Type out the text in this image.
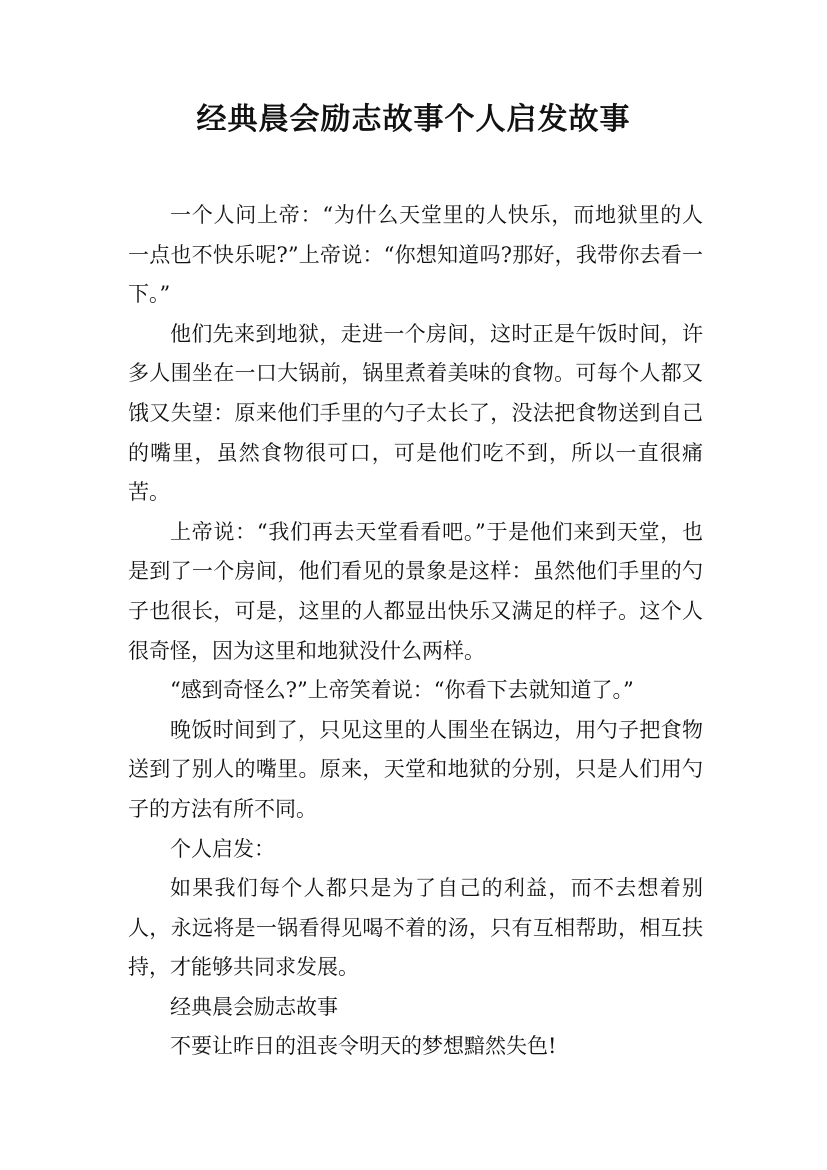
经典晨会励志故事个人启发故事

一个人问上帝：“为什么天堂里的人快乐，而地狱里的人一点也不快乐呢?”上帝说：“你想知道吗?那好，我带你去看一下。”

他们先来到地狱，走进一个房间，这时正是午饭时间，许多人围坐在一口大锅前，锅里煮着美味的食物。可每个人都又饿又失望：原来他们手里的勺子太长了，没法把食物送到自己的嘴里，虽然食物很可口，可是他们吃不到，所以一直很痛苦。

上帝说：“我们再去天堂看看吧。”于是他们来到天堂，也是到了一个房间，他们看见的景象是这样：虽然他们手里的勺子也很长，可是，这里的人都显出快乐又满足的样子。这个人很奇怪，因为这里和地狱没什么两样。

“感到奇怪么?”上帝笑着说：“你看下去就知道了。”

晚饭时间到了，只见这里的人围坐在锅边，用勺子把食物送到了别人的嘴里。原来，天堂和地狱的分别，只是人们用勺子的方法有所不同。

个人启发：

如果我们每个人都只是为了自己的利益，而不去想着别人，永远将是一锅看得见喝不着的汤，只有互相帮助，相互扶持，才能够共同求发展。

经典晨会励志故事

不要让昨日的沮丧令明天的梦想黯然失色!
